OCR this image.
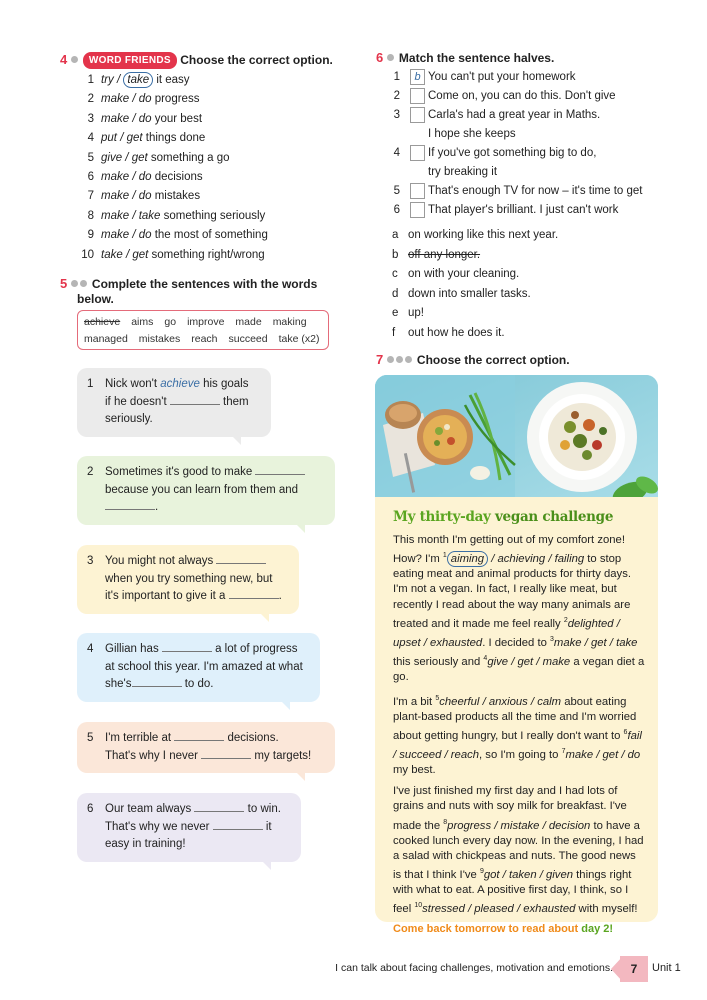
4 WORD FRIENDS Choose the correct option.
1 try / take it easy
2 make / do progress
3 make / do your best
4 put / get things done
5 give / get something a go
6 make / do decisions
7 make / do mistakes
8 make / take something seriously
9 make / do the most of something
10 take / get something right/wrong
5 Complete the sentences with the words
below.
achieve aims go improve made making
managed mistakes reach succeed take (x2)
1 Nick won't achieve his goals
if he doesn't	them
seriously.
2 Sometimes it's good to make
because you can learn from them and
.
3 You might not always
when you try something new, but
it's important to give it a	.
4 Gillian has	a lot of progress
at school this year. I'm amazed at what
she's	to do.
5 I'm terrible at	decisions.
That's why I never	my targets!
6 Our team always	to win.
That's why we never	it
easy in training!
6 Match the sentence halves.
1	b You can't put your homework
2 Come on, you can do this. Don't give
3 Carla's had a great year in Maths.
I hope she keeps
4 If you've got something big to do,
try breaking it
5 That's enough TV for now – it's time to get
6 That player's brilliant. I just can't work
a on working like this next year.
b off any longer.
c on with your cleaning.
d down into smaller tasks.
e up!
f out how he does it.
7	Choose the correct option.
My thirty-day vegan challenge

This month I'm getting out of my comfort zone! How? I'm $^1$ aiming / achieving / failing to stop eating meat and animal products for thirty days. I'm not a vegan. In fact, I really like meat, but recently I read about the way many animals are treated and it made me feel really $^2$delighted / upset / exhausted. I decided to $^3$make / get / take this seriously and $^4$give / get / make a vegan diet a go.

I'm a bit $^5$cheerful / anxious / calm about eating plant-based products all the time and I'm worried about getting hungry, but I really don't want to $^6$fail / succeed / reach, so I'm going to $^7$make / get / do my best.

I've just finished my first day and I had lots of grains and nuts with soy milk for breakfast. I've made the $^8$progress / mistake / decision to have a cooked lunch every day now. In the evening, I had a salad with chickpeas and nuts. The good news is that I think I've $^9$got / taken / given things right with what to eat. A positive first day, I think, so I feel $^{10}$stressed / pleased / exhausted with myself!

Come back tomorrow to read about day 2!
I can talk about facing challenges, motivation and emotions.	7	Unit 1
